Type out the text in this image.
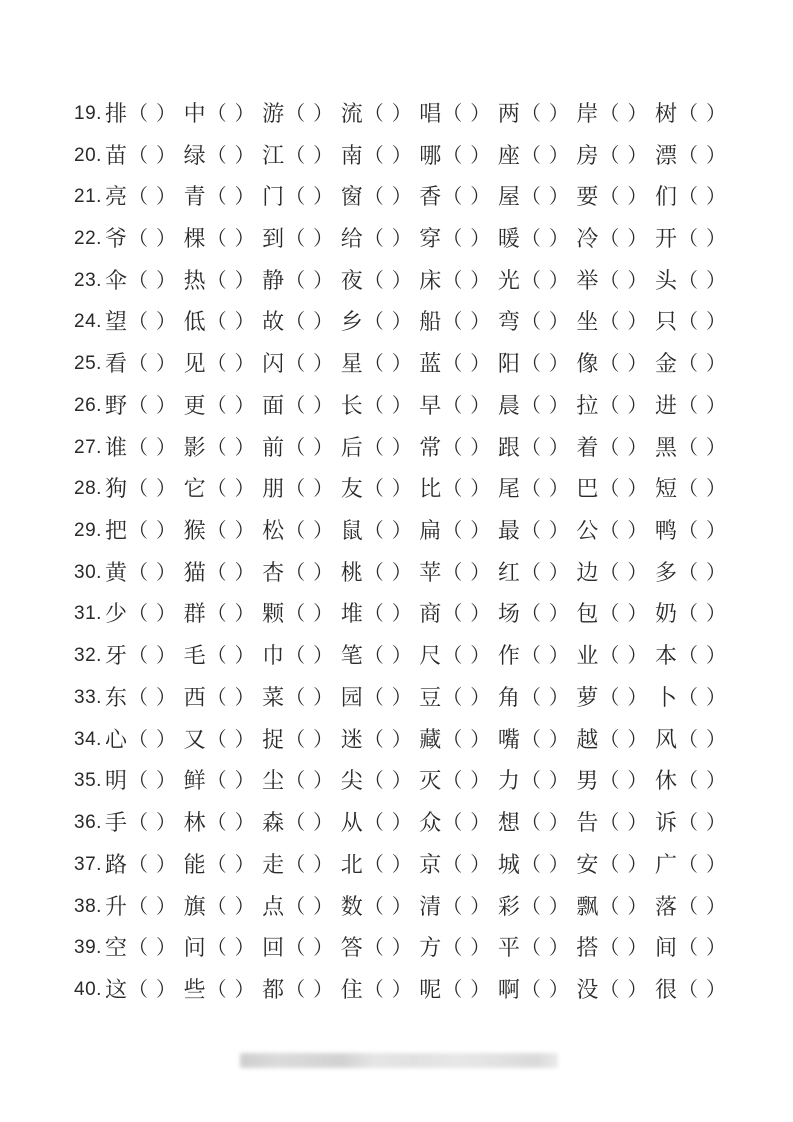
19. 排 （ ） 中 （ ） 游 （ ） 流 （ ） 唱 （ ） 两 （ ） 岸 （ ） 树 （ ）
20. 苗 （ ） 绿 （ ） 江 （ ） 南 （ ） 哪 （ ） 座 （ ） 房 （ ） 漂 （ ）
21. 亮 （ ） 青 （ ） 门 （ ） 窗 （ ） 香 （ ） 屋 （ ） 要 （ ） 们 （ ）
22. 爷 （ ） 棵 （ ） 到 （ ） 给 （ ） 穿 （ ） 暖 （ ） 冷 （ ） 开 （ ）
23. 伞 （ ） 热 （ ） 静 （ ） 夜 （ ） 床 （ ） 光 （ ） 举 （ ） 头 （ ）
24. 望 （ ） 低 （ ） 故 （ ） 乡 （ ） 船 （ ） 弯 （ ） 坐 （ ） 只 （ ）
25. 看 （ ） 见 （ ） 闪 （ ） 星 （ ） 蓝 （ ） 阳 （ ） 像 （ ） 金 （ ）
26. 野 （ ） 更 （ ） 面 （ ） 长 （ ） 早 （ ） 晨 （ ） 拉 （ ） 进 （ ）
27. 谁 （ ） 影 （ ） 前 （ ） 后 （ ） 常 （ ） 跟 （ ） 着 （ ） 黑 （ ）
28. 狗 （ ） 它 （ ） 朋 （ ） 友 （ ） 比 （ ） 尾 （ ） 巴 （ ） 短 （ ）
29. 把 （ ） 猴 （ ） 松 （ ） 鼠 （ ） 扁 （ ） 最 （ ） 公 （ ） 鸭 （ ）
30. 黄 （ ） 猫 （ ） 杏 （ ） 桃 （ ） 苹 （ ） 红 （ ） 边 （ ） 多 （ ）
31. 少 （ ） 群 （ ） 颗 （ ） 堆 （ ） 商 （ ） 场 （ ） 包 （ ） 奶 （ ）
32. 牙 （ ） 毛 （ ） 巾 （ ） 笔 （ ） 尺 （ ） 作 （ ） 业 （ ） 本 （ ）
33. 东 （ ） 西 （ ） 菜 （ ） 园 （ ） 豆 （ ） 角 （ ） 萝 （ ） 卜 （ ）
34. 心 （ ） 又 （ ） 捉 （ ） 迷 （ ） 藏 （ ） 嘴 （ ） 越 （ ） 风 （ ）
35. 明 （ ） 鲜 （ ） 尘 （ ） 尖 （ ） 灭 （ ） 力 （ ） 男 （ ） 休 （ ）
36. 手 （ ） 林 （ ） 森 （ ） 从 （ ） 众 （ ） 想 （ ） 告 （ ） 诉 （ ）
37. 路 （ ） 能 （ ） 走 （ ） 北 （ ） 京 （ ） 城 （ ） 安 （ ） 广 （ ）
38. 升 （ ） 旗 （ ） 点 （ ） 数 （ ） 清 （ ） 彩 （ ） 飘 （ ） 落 （ ）
39. 空 （ ） 问 （ ） 回 （ ） 答 （ ） 方 （ ） 平 （ ） 搭 （ ） 间 （ ）
40. 这 （ ） 些 （ ） 都 （ ） 住 （ ） 呢 （ ） 啊 （ ） 没 （ ） 很 （ ）
